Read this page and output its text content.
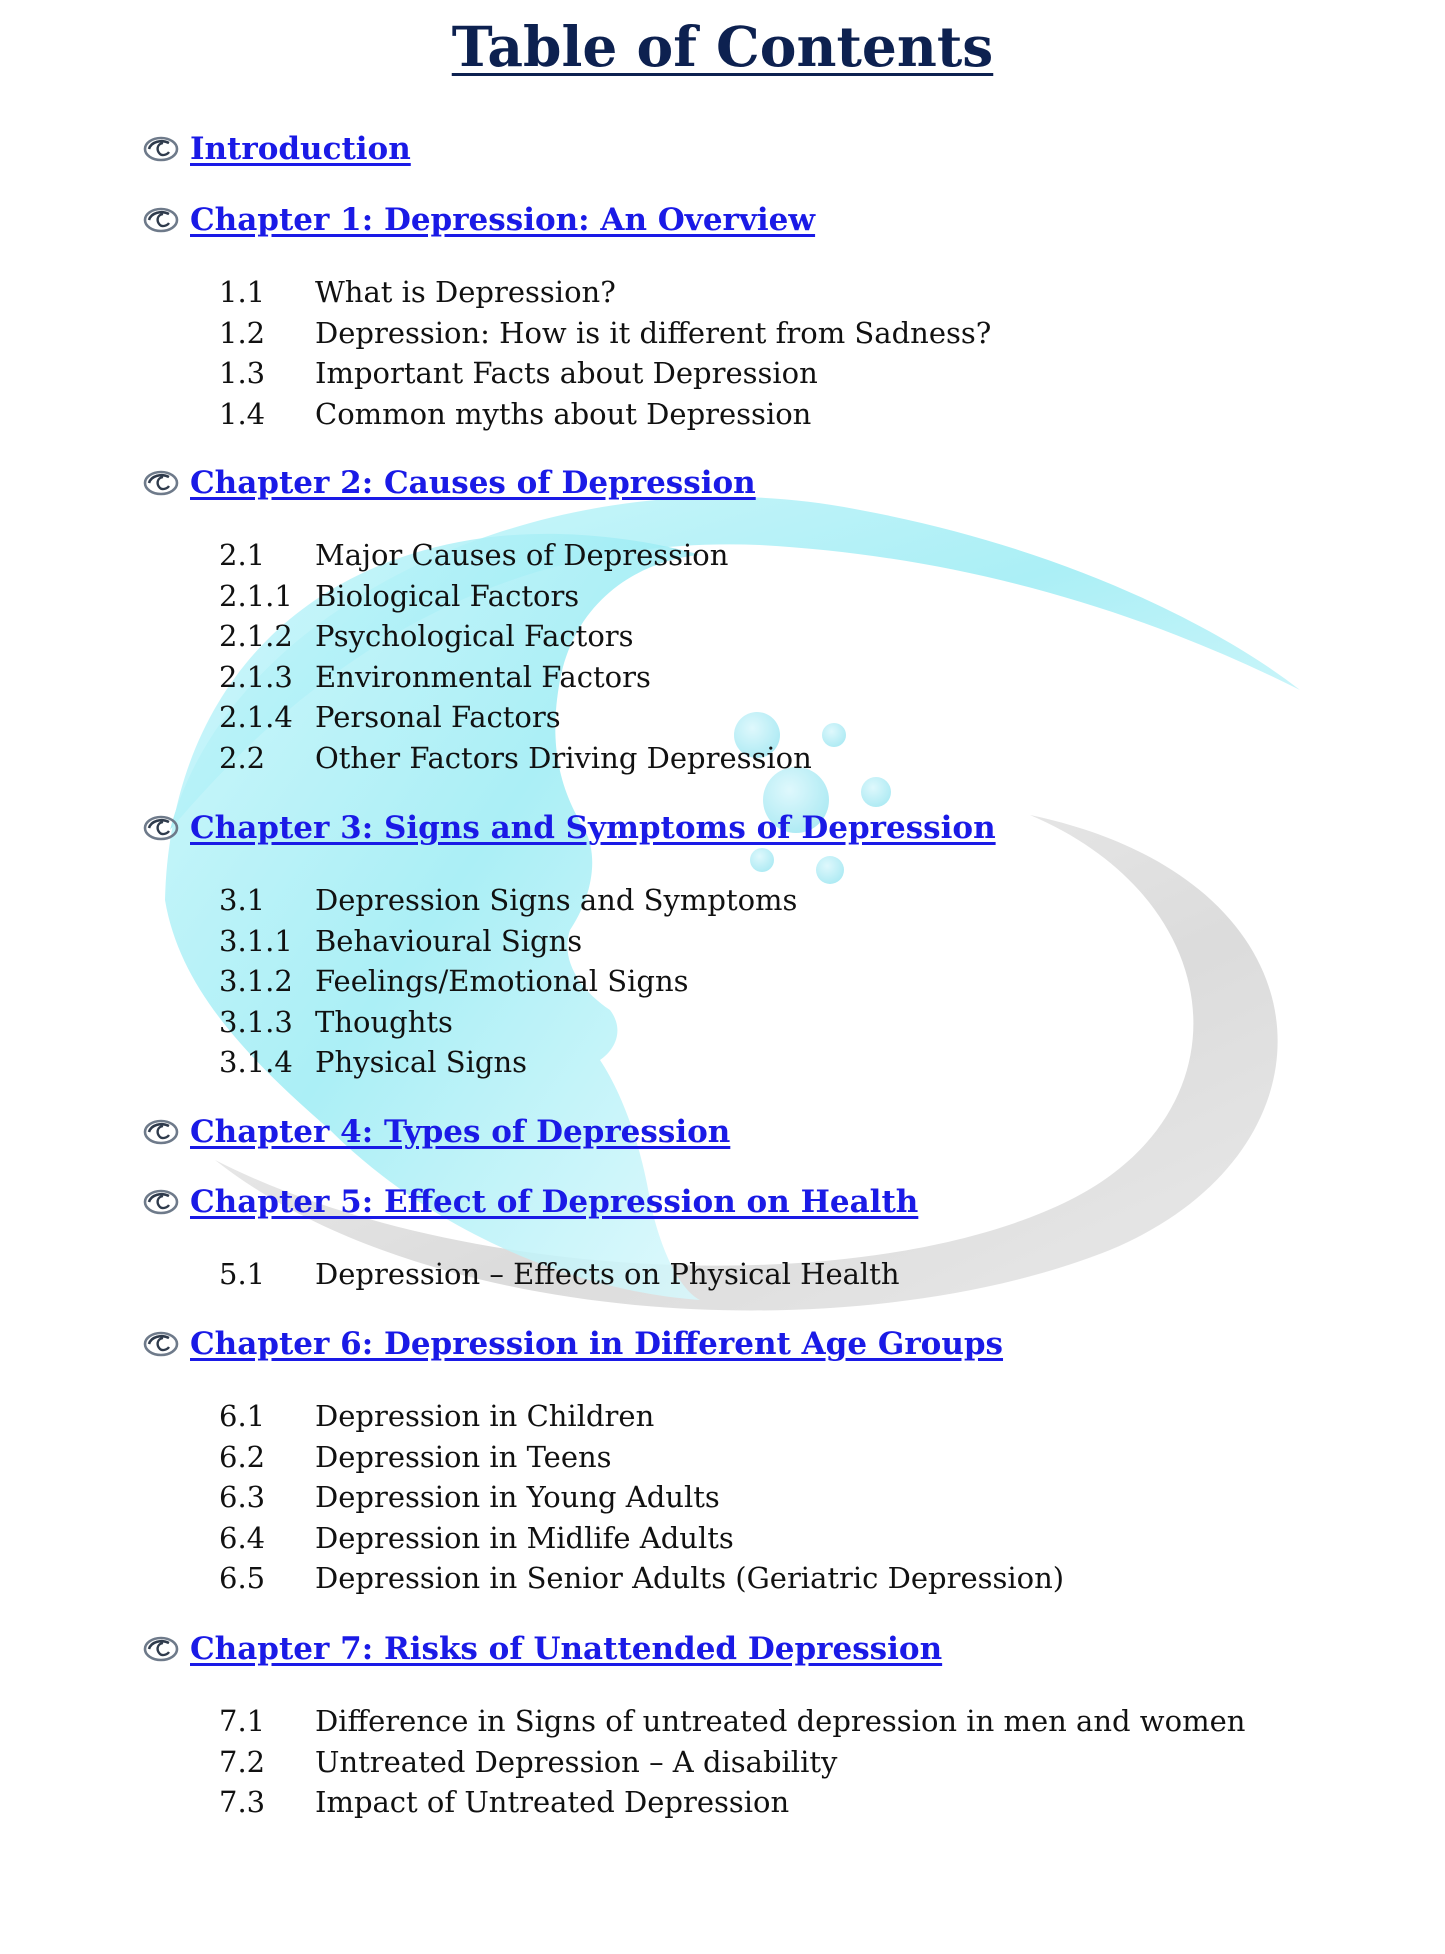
Table of Contents
Introduction
Chapter 1: Depression: An Overview
1.1	What is Depression?
1.2	Depression: How is it different from Sadness?
1.3	Important Facts about Depression
1.4	Common myths about Depression
Chapter 2: Causes of Depression
2.1	Major Causes of Depression
2.1.1 Biological Factors
2.1.2 Psychological Factors
2.1.3 Environmental Factors
2.1.4 Personal Factors
2.2	Other Factors Driving Depression
Chapter 3: Signs and Symptoms of Depression
3.1	Depression Signs and Symptoms
3.1.1 Behavioural Signs
3.1.2 Feelings/Emotional Signs
3.1.3 Thoughts
3.1.4 Physical Signs
Chapter 4: Types of Depression
Chapter 5: Effect of Depression on Health
5.1	Depression – Effects on Physical Health
Chapter 6: Depression in Different Age Groups
6.1	Depression in Children
6.2	Depression in Teens
6.3	Depression in Young Adults
6.4	Depression in Midlife Adults
6.5	Depression in Senior Adults (Geriatric Depression)
Chapter 7: Risks of Unattended Depression
7.1	Difference in Signs of untreated depression in men and women
7.2	Untreated Depression – A disability
7.3	Impact of Untreated Depression
